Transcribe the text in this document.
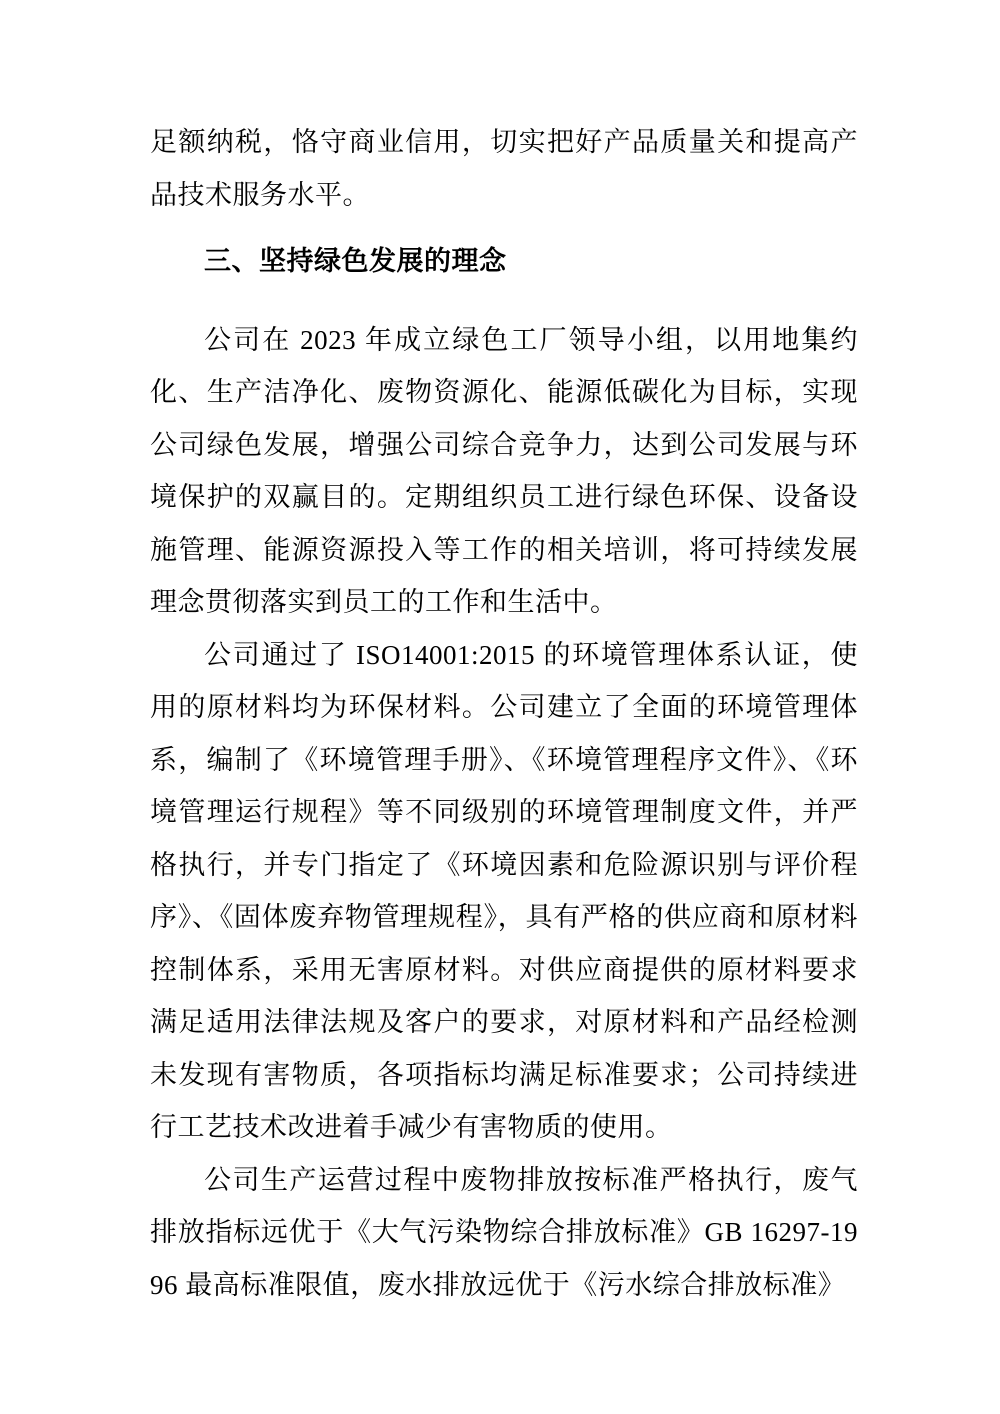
足额纳税，恪守商业信用，切实把好产品质量关和提高产品技术服务水平。

三、坚持绿色发展的理念

公司在 2023 年成立绿色工厂领导小组，以用地集约化、生产洁净化、废物资源化、能源低碳化为目标，实现公司绿色发展，增强公司综合竞争力，达到公司发展与环境保护的双赢目的。定期组织员工进行绿色环保、设备设施管理、能源资源投入等工作的相关培训，将可持续发展理念贯彻落实到员工的工作和生活中。

公司通过了 ISO14001:2015 的环境管理体系认证，使用的原材料均为环保材料。公司建立了全面的环境管理体系，编制了《环境管理手册》、《环境管理程序文件》、《环境管理运行规程》等不同级别的环境管理制度文件，并严格执行，并专门指定了《环境因素和危险源识别与评价程序》、《固体废弃物管理规程》，具有严格的供应商和原材料控制体系，采用无害原材料。对供应商提供的原材料要求满足适用法律法规及客户的要求，对原材料和产品经检测未发现有害物质，各项指标均满足标准要求；公司持续进行工艺技术改进着手减少有害物质的使用。

公司生产运营过程中废物排放按标准严格执行，废气排放指标远优于《大气污染物综合排放标准》GB 16297-1996 最高标准限值，废水排放远优于《污水综合排放标准》
